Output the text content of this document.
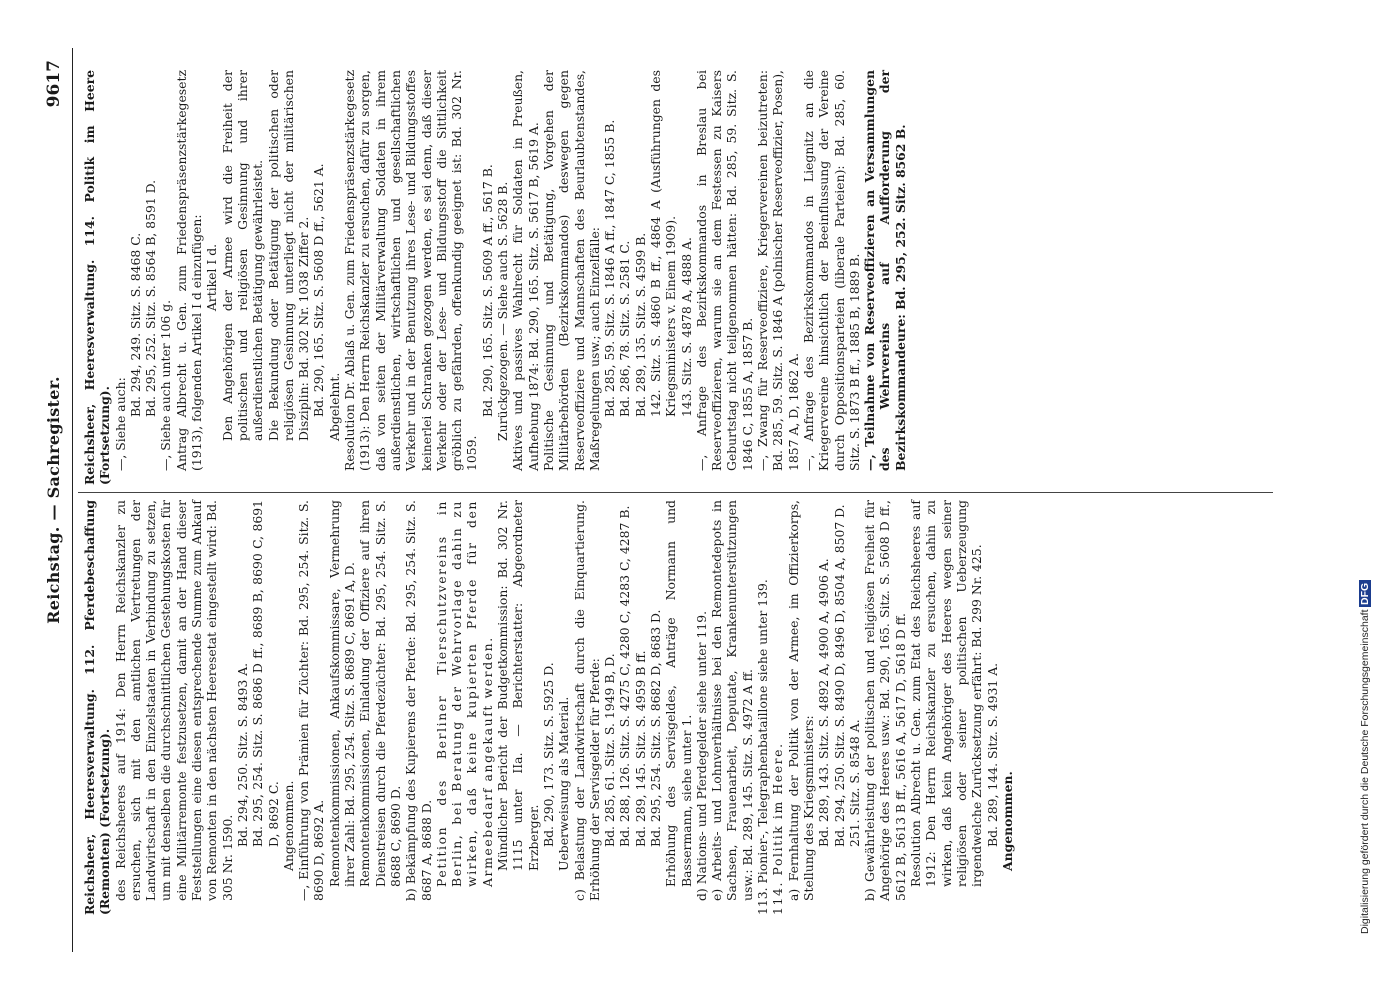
Reichstag. — Sachregister.
9617

Reichsheer, Heeresverwaltung. 112. Pferdebeschaffung (Remonten) (Fortsetzung). des Reichsheeres auf 1914: Den Herrn Reichskanzler zu ersuchen, sich mit den amtlichen Vertretungen der Landwirtschaft in den Einzelstaaten in Verbindung zu setzen, um mit denselben die durchschnittlichen Gestehungskosten für eine Militärremonte festzusetzen, damit an der Hand dieser Feststellungen eine diesen entsprechende Summe zum Ankauf von Remonten in den nächsten Heeresetat eingestellt wird: Bd. 305 Nr. 1590.

Bd. 294, 250. Sitz. S. 8493 A. Bd. 295, 254. Sitz. S. 8686 D ff., 8689 B, 8690 C, 8691 D, 8692 C. Angenommen. —, Einführung von Prämien für Züchter: Bd. 295, 254. Sitz. S. 8690 D, 8692 A. Remontenkommissionen, Ankaufskommissare, Vermehrung ihrer Zahl: Bd. 295, 254. Sitz. S. 8689 C, 8691 A, D. Remontenkommissionen, Einladung der Offiziere auf ihren Dienstreisen durch die Pferdezüchter: Bd. 295, 254. Sitz. S. 8688 C, 8690 D. b) Bekämpfung des Kupierens der Pferde: Bd. 295, 254. Sitz. S. 8687 A, 8688 D. Petition des Berliner Tierschutzvereins in Berlin, bei Beratung der Wehrvorlage dahin zu wirken, daß keine kupierten Pferde für den Armeebedarf angekauft werden. Mündlicher Bericht der Budgetkommission: Bd. 302 Nr. 1115 unter IIa. — Berichterstatter: Abgeordneter Erzberger. Bd. 290, 173. Sitz. S. 5925 D. Ueberweisung als Material. c) Belastung der Landwirtschaft durch die Einquartierung. Erhöhung der Servisgelder für Pferde: Bd. 285, 61. Sitz. S. 1949 B, D. Bd. 288, 126. Sitz. S. 4275 C, 4280 C, 4283 C, 4287 B. Bd. 289, 145. Sitz. S. 4959 B ff. Bd. 295, 254. Sitz. S. 8682 D, 8683 D. Erhöhung des Servisgeldes, Anträge Normann und Bassermann, siehe unter 1. d) Nations- und Pferdegelder siehe unter 119. e) Arbeits- und Lohnverhältnisse bei den Remontedepots in Sachsen, Frauenarbeit, Deputate, Krankenunterstützungen usw.: Bd. 289, 145. Sitz. S. 4972 A ff. 113. Pionier-, Telegraphenbataillone siehe unter 139. 114. Politik im Heere. a) Fernhaltung der Politik von der Armee, im Offizierkorps, Stellung des Kriegsministers: Bd. 289, 143. Sitz. S. 4892 A, 4900 A, 4906 A. Bd. 294, 250. Sitz. S. 8490 D, 8496 D, 8504 A, 8507 D. 251. Sitz. S. 8548 A. b) Gewährleistung der politischen und religiösen Freiheit für Angehörige des Heeres usw.: Bd. 290, 165. Sitz. S. 5608 D ff., 5612 B, 5613 B ff., 5616 A, 5617 D, 5618 D ff. Resolution Albrecht u. Gen. zum Etat des Reichsheeres auf 1912: Den Herrn Reichskanzler zu ersuchen, dahin zu wirken, daß kein Angehöriger des Heeres wegen seiner religiösen oder seiner politischen Ueberzeugung irgendwelche Zurücksetzung erfährt: Bd. 299 Nr. 425. Bd. 289, 144. Sitz. S. 4931 A. Angenommen.

Reichsheer, Heeresverwaltung. 114. Politik im Heere (Fortsetzung). —, Siehe auch:

Bd. 294, 249. Sitz. S. 8468 C. Bd. 295, 252. Sitz. S. 8564 B, 8591 D. —, Siehe auch unter 106 g. Antrag Albrecht u. Gen. zum Friedenspräsenzstärkegesetz (1913), folgenden Artikel I d einzufügen: Artikel I d. Den Angehörigen der Armee wird die Freiheit der politischen und religiösen Gesinnung und ihrer außerdienstlichen Betätigung gewährleistet. Die Bekundung oder Betätigung der politischen oder religiösen Gesinnung unterliegt nicht der militärischen Disziplin: Bd. 302 Nr. 1038 Ziffer 2. Bd. 290, 165. Sitz. S. 5608 D ff., 5621 A. Abgelehnt. Resolution Dr. Ablaß u. Gen. zum Friedenspräsenzstärkegesetz (1913): Den Herrn Reichskanzler zu ersuchen, dafür zu sorgen, daß von seiten der Militärverwaltung Soldaten in ihrem außerdienstlichen, wirtschaftlichen und gesellschaftlichen Verkehr und in der Benutzung ihres Lese- und Bildungsstoffes keinerlei Schranken gezogen werden, es sei denn, daß dieser Verkehr oder der Lese- und Bildungsstoff die Sittlichkeit gröblich zu gefährden, offenkundig geeignet ist: Bd. 302 Nr. 1059.

Bd. 290, 165. Sitz. S. 5609 A ff., 5617 B. Zurückgezogen. — Siehe auch S. 5628 B. Aktives und passives Wahlrecht für Soldaten in Preußen, Aufhebung 1874: Bd. 290, 165. Sitz. S. 5617 B, 5619 A. Politische Gesinnung und Betätigung, Vorgehen der Militärbehörden (Bezirkskommandos) deswegen gegen Reserveoffiziere und Mannschaften des Beurlaubtenstandes, Maßregelungen usw.; auch Einzelfälle: Bd. 285, 59. Sitz. S. 1846 A ff., 1847 C, 1855 B. Bd. 286, 78. Sitz. S. 2581 C. Bd. 289, 135. Sitz. S. 4599 B. 142. Sitz. S. 4860 B ff., 4864 A (Ausführungen des Kriegsministers v. Einem 1909). 143. Sitz. S. 4878 A, 4888 A. —, Anfrage des Bezirkskommandos in Breslau bei Reserveoffizieren, warum sie an dem Festessen zu Kaisers Geburtstag nicht teilgenommen hätten: Bd. 285, 59. Sitz. S. 1846 C, 1855 A, 1857 B. —, Zwang für Reserveoffiziere, Kriegervereinen beizutreten: Bd. 285, 59. Sitz. S. 1846 A (polnischer Reserveoffizier, Posen), 1857 A, D, 1862 A. —, Anfrage des Bezirkskommandos in Liegnitz an die Kriegervereine hinsichtlich der Beeinflussung der Vereine durch Oppositionsparteien (liberale Parteien): Bd. 285, 60. Sitz. S. 1873 B ff., 1885 B, 1889 B. —, Teilnahme von Reserveoffizieren an Versammlungen des Wehrvereins auf Aufforderung der Bezirkskommandeure: Bd. 295, 252. Sitz. 8562 B.

Digitalisierung gefördert durch die Deutsche Forschungsgemeinschaft DFG
